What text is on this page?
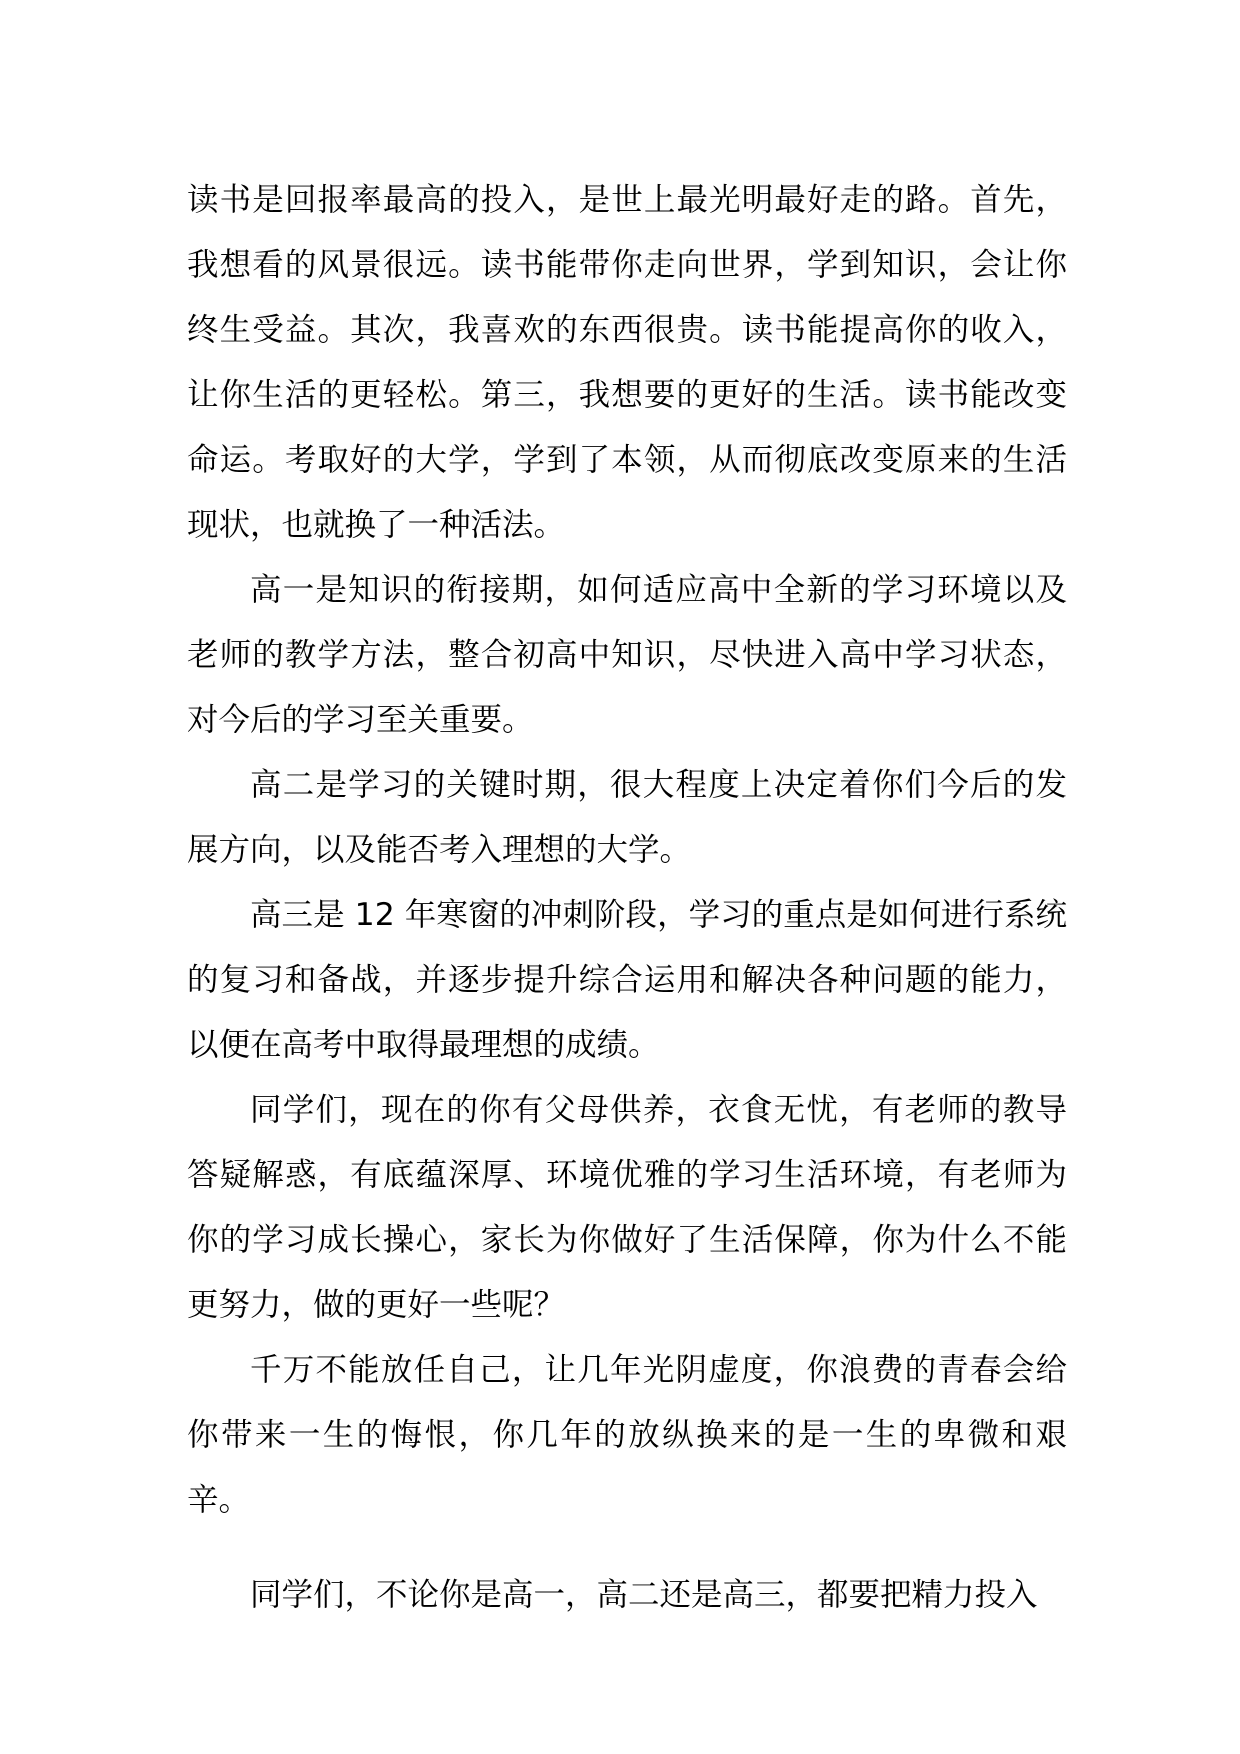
读书是回报率最高的投入，是世上最光明最好走的路。首先，我想看的风景很远。读书能带你走向世界，学到知识，会让你终生受益。其次，我喜欢的东西很贵。读书能提高你的收入，让你生活的更轻松。第三，我想要的更好的生活。读书能改变命运。考取好的大学，学到了本领，从而彻底改变原来的生活现状，也就换了一种活法。

高一是知识的衔接期，如何适应高中全新的学习环境以及老师的教学方法，整合初高中知识，尽快进入高中学习状态，对今后的学习至关重要。

高二是学习的关键时期，很大程度上决定着你们今后的发展方向，以及能否考入理想的大学。

高三是 12 年寒窗的冲刺阶段，学习的重点是如何进行系统的复习和备战，并逐步提升综合运用和解决各种问题的能力，以便在高考中取得最理想的成绩。

同学们，现在的你有父母供养，衣食无忧，有老师的教导答疑解惑，有底蕴深厚、环境优雅的学习生活环境，有老师为你的学习成长操心，家长为你做好了生活保障，你为什么不能更努力，做的更好一些呢？

千万不能放任自己，让几年光阴虚度，你浪费的青春会给你带来一生的悔恨，你几年的放纵换来的是一生的卑微和艰辛。

同学们，不论你是高一，高二还是高三，都要把精力投入
